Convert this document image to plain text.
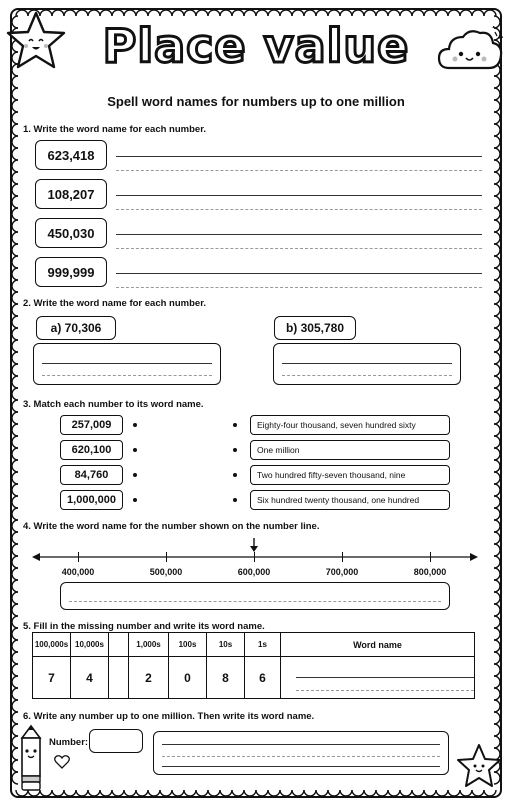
Place value
Spell word names for numbers up to one million
1. Write the word name for each number.
623,418
108,207
450,030
999,999
2. Write the word name for each number.
a) 70,306	b) 305,780
3. Match each number to its word name.
257,009
620,100
84,760
1,000,000
Eighty-four thousand, seven hundred sixty
One million
Two hundred fifty-seven thousand, nine
Six hundred twenty thousand, one hundred
4. Write the word name for the number shown on the number line.
400,000	500,000	600,000	700,000	800,000
5. Fill in the missing number and write its word name.
100,000s	10,000s		1,000s	100s	10s	1s	Word name
7	4		2	0	8	6	
6. Write any number up to one million. Then write its word name.
Number:
